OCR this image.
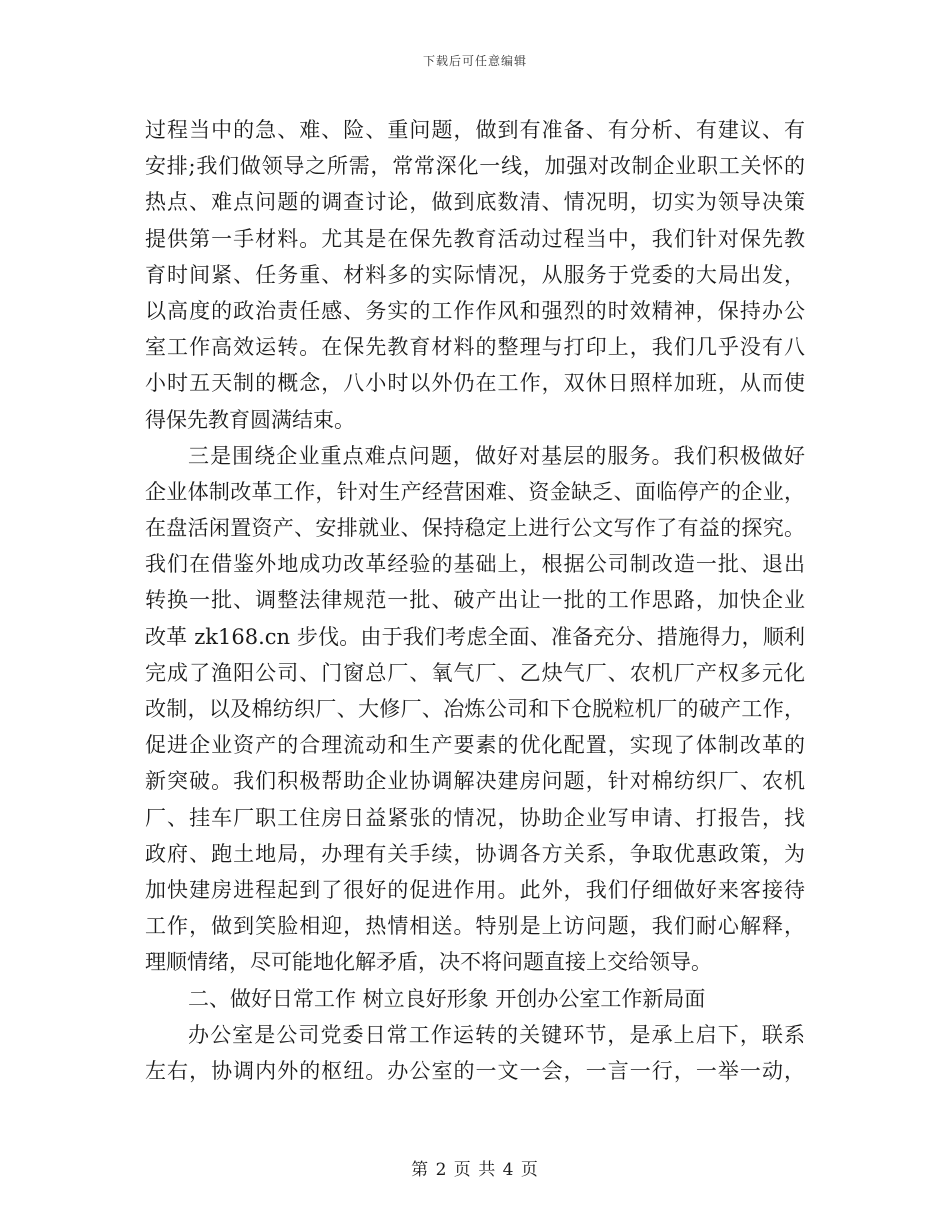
下载后可任意编辑
过程当中的急、难、险、重问题，做到有准备、有分析、有建议、有
安排;我们做领导之所需，常常深化一线，加强对改制企业职工关怀的
热点、难点问题的调查讨论，做到底数清、情况明，切实为领导决策
提供第一手材料。尤其是在保先教育活动过程当中，我们针对保先教
育时间紧、任务重、材料多的实际情况，从服务于党委的大局出发，
以高度的政治责任感、务实的工作作风和强烈的时效精神，保持办公
室工作高效运转。在保先教育材料的整理与打印上，我们几乎没有八
小时五天制的概念，八小时以外仍在工作，双休日照样加班，从而使
得保先教育圆满结束。
三是围绕企业重点难点问题，做好对基层的服务。我们积极做好
企业体制改革工作，针对生产经营困难、资金缺乏、面临停产的企业，
在盘活闲置资产、安排就业、保持稳定上进行公文写作了有益的探究。
我们在借鉴外地成功改革经验的基础上，根据公司制改造一批、退出
转换一批、调整法律规范一批、破产出让一批的工作思路，加快企业
改革 zk168.cn 步伐。由于我们考虑全面、准备充分、措施得力，顺利
完成了渔阳公司、门窗总厂、氧气厂、乙炔气厂、农机厂产权多元化
改制，以及棉纺织厂、大修厂、冶炼公司和下仓脱粒机厂的破产工作，
促进企业资产的合理流动和生产要素的优化配置，实现了体制改革的
新突破。我们积极帮助企业协调解决建房问题，针对棉纺织厂、农机
厂、挂车厂职工住房日益紧张的情况，协助企业写申请、打报告，找
政府、跑土地局，办理有关手续，协调各方关系，争取优惠政策，为
加快建房进程起到了很好的促进作用。此外，我们仔细做好来客接待
工作，做到笑脸相迎，热情相送。特别是上访问题，我们耐心解释，
理顺情绪，尽可能地化解矛盾，决不将问题直接上交给领导。
二、做好日常工作 树立良好形象 开创办公室工作新局面
办公室是公司党委日常工作运转的关键环节，是承上启下，联系
左右，协调内外的枢纽。办公室的一文一会，一言一行，一举一动，
第 2 页 共 4 页
